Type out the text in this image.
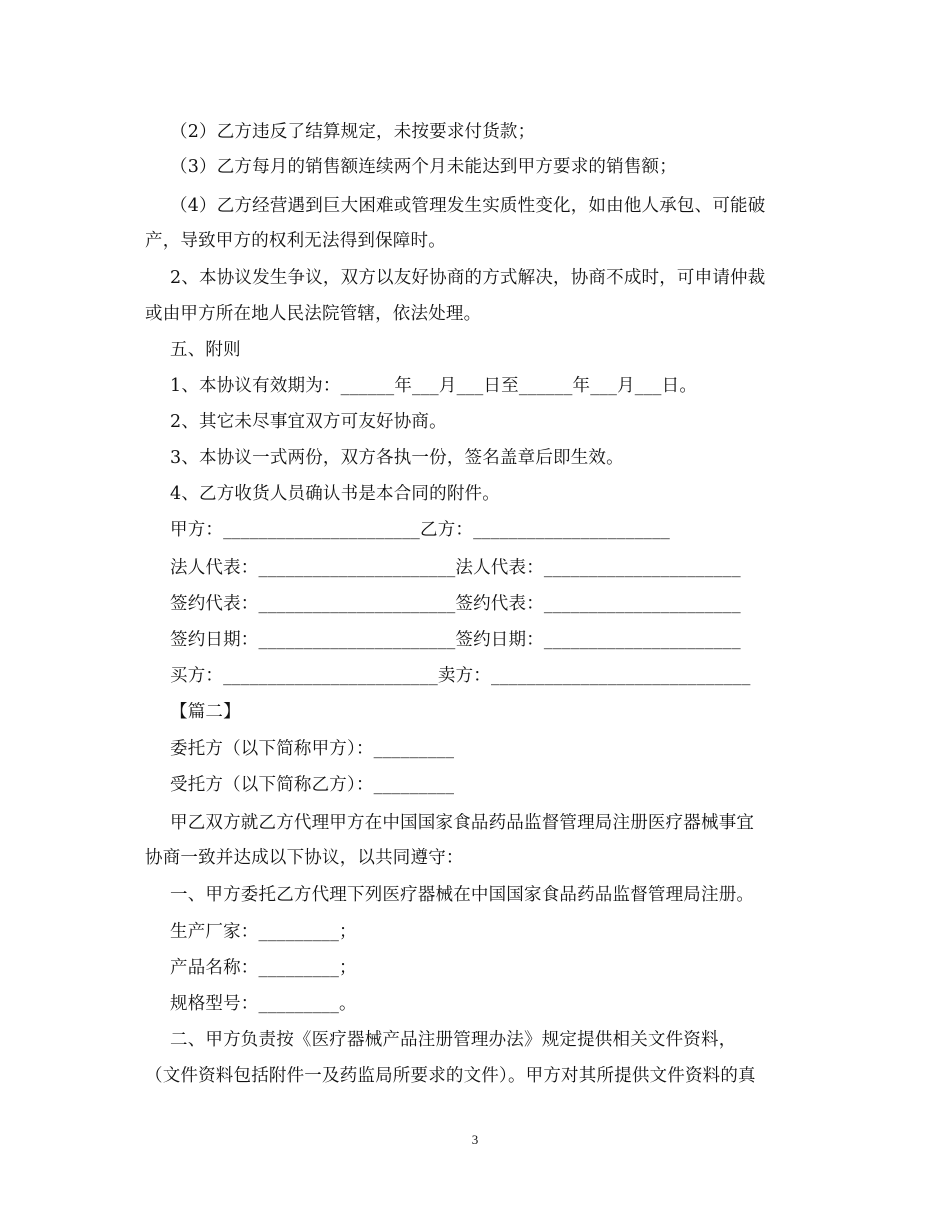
（2）乙方违反了结算规定，未按要求付货款；
（3）乙方每月的销售额连续两个月未能达到甲方要求的销售额；
（4）乙方经营遇到巨大困难或管理发生实质性变化，如由他人承包、可能破
产，导致甲方的权利无法得到保障时。
2、本协议发生争议，双方以友好协商的方式解决，协商不成时，可申请仲裁
或由甲方所在地人民法院管辖，依法处理。
五、附则
1、本协议有效期为：______年___月___日至______年___月___日。
2、其它未尽事宜双方可友好协商。
3、本协议一式两份，双方各执一份，签名盖章后即生效。
4、乙方收货人员确认书是本合同的附件。
甲方：______________________乙方：______________________
法人代表：______________________法人代表：______________________
签约代表：______________________签约代表：______________________
签约日期：______________________签约日期：______________________
买方：________________________卖方：_____________________________
【篇二】
委托方（以下简称甲方）：_________
受托方（以下简称乙方）：_________
甲乙双方就乙方代理甲方在中国国家食品药品监督管理局注册医疗器械事宜
协商一致并达成以下协议，以共同遵守：
一、甲方委托乙方代理下列医疗器械在中国国家食品药品监督管理局注册。
生产厂家：_________；
产品名称：_________；
规格型号：_________。
二、甲方负责按《医疗器械产品注册管理办法》规定提供相关文件资料，
（文件资料包括附件一及药监局所要求的文件）。甲方对其所提供文件资料的真
3
